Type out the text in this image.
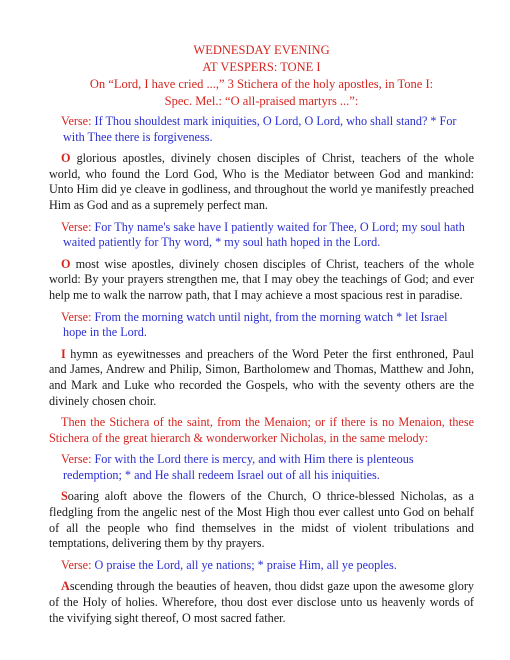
WEDNESDAY EVENING
AT VESPERS: TONE I
On “Lord, I have cried ...,” 3 Stichera of the holy apostles, in Tone I:
Spec. Mel.: “O all-praised martyrs ...”:

Verse: If Thou shouldest mark iniquities, O Lord, O Lord, who shall stand? * For with Thee there is forgiveness.

O glorious apostles, divinely chosen disciples of Christ, teachers of the whole world, who found the Lord God, Who is the Mediator between God and mankind: Unto Him did ye cleave in godliness, and throughout the world ye manifestly preached Him as God and as a supremely perfect man.

Verse: For Thy name's sake have I patiently waited for Thee, O Lord; my soul hath waited patiently for Thy word, * my soul hath hoped in the Lord.

O most wise apostles, divinely chosen disciples of Christ, teachers of the whole world: By your prayers strengthen me, that I may obey the teachings of God; and ever help me to walk the narrow path, that I may achieve a most spacious rest in paradise.

Verse: From the morning watch until night, from the morning watch * let Israel hope in the Lord.

I hymn as eyewitnesses and preachers of the Word Peter the first enthroned, Paul and James, Andrew and Philip, Simon, Bartholomew and Thomas, Matthew and John, and Mark and Luke who recorded the Gospels, who with the seventy others are the divinely chosen choir.

Then the Stichera of the saint, from the Menaion; or if there is no Menaion, these Stichera of the great hierarch & wonderworker Nicholas, in the same melody:

Verse: For with the Lord there is mercy, and with Him there is plenteous redemption; * and He shall redeem Israel out of all his iniquities.

Soaring aloft above the flowers of the Church, O thrice-blessed Nicholas, as a fledgling from the angelic nest of the Most High thou ever callest unto God on behalf of all the people who find themselves in the midst of violent tribulations and temptations, delivering them by thy prayers.

Verse: O praise the Lord, all ye nations; * praise Him, all ye peoples.

Ascending through the beauties of heaven, thou didst gaze upon the awesome glory of the Holy of holies. Wherefore, thou dost ever disclose unto us heavenly words of the vivifying sight thereof, O most sacred father.
